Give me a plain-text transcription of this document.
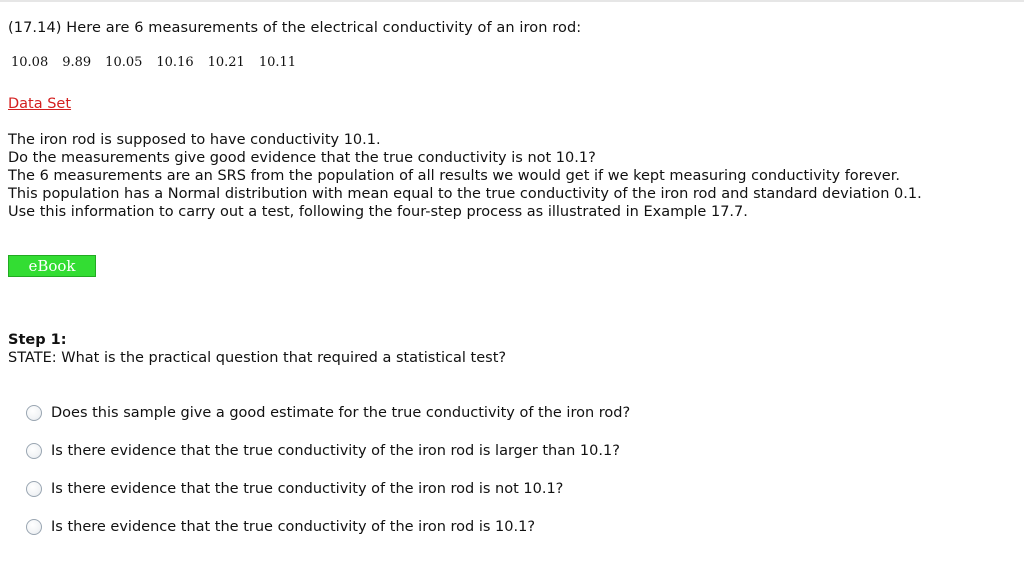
(17.14) Here are 6 measurements of the electrical conductivity of an iron rod:
10.08 9.89 10.05 10.16 10.21 10.11
Data Set
The iron rod is supposed to have conductivity 10.1.
Do the measurements give good evidence that the true conductivity is not 10.1?
The 6 measurements are an SRS from the population of all results we would get if we kept measuring conductivity forever.
This population has a Normal distribution with mean equal to the true conductivity of the iron rod and standard deviation 0.1.
Use this information to carry out a test, following the four-step process as illustrated in Example 17.7.
eBook
Step 1:
STATE: What is the practical question that required a statistical test?
Does this sample give a good estimate for the true conductivity of the iron rod?
Is there evidence that the true conductivity of the iron rod is larger than 10.1?
Is there evidence that the true conductivity of the iron rod is not 10.1?
Is there evidence that the true conductivity of the iron rod is 10.1?
